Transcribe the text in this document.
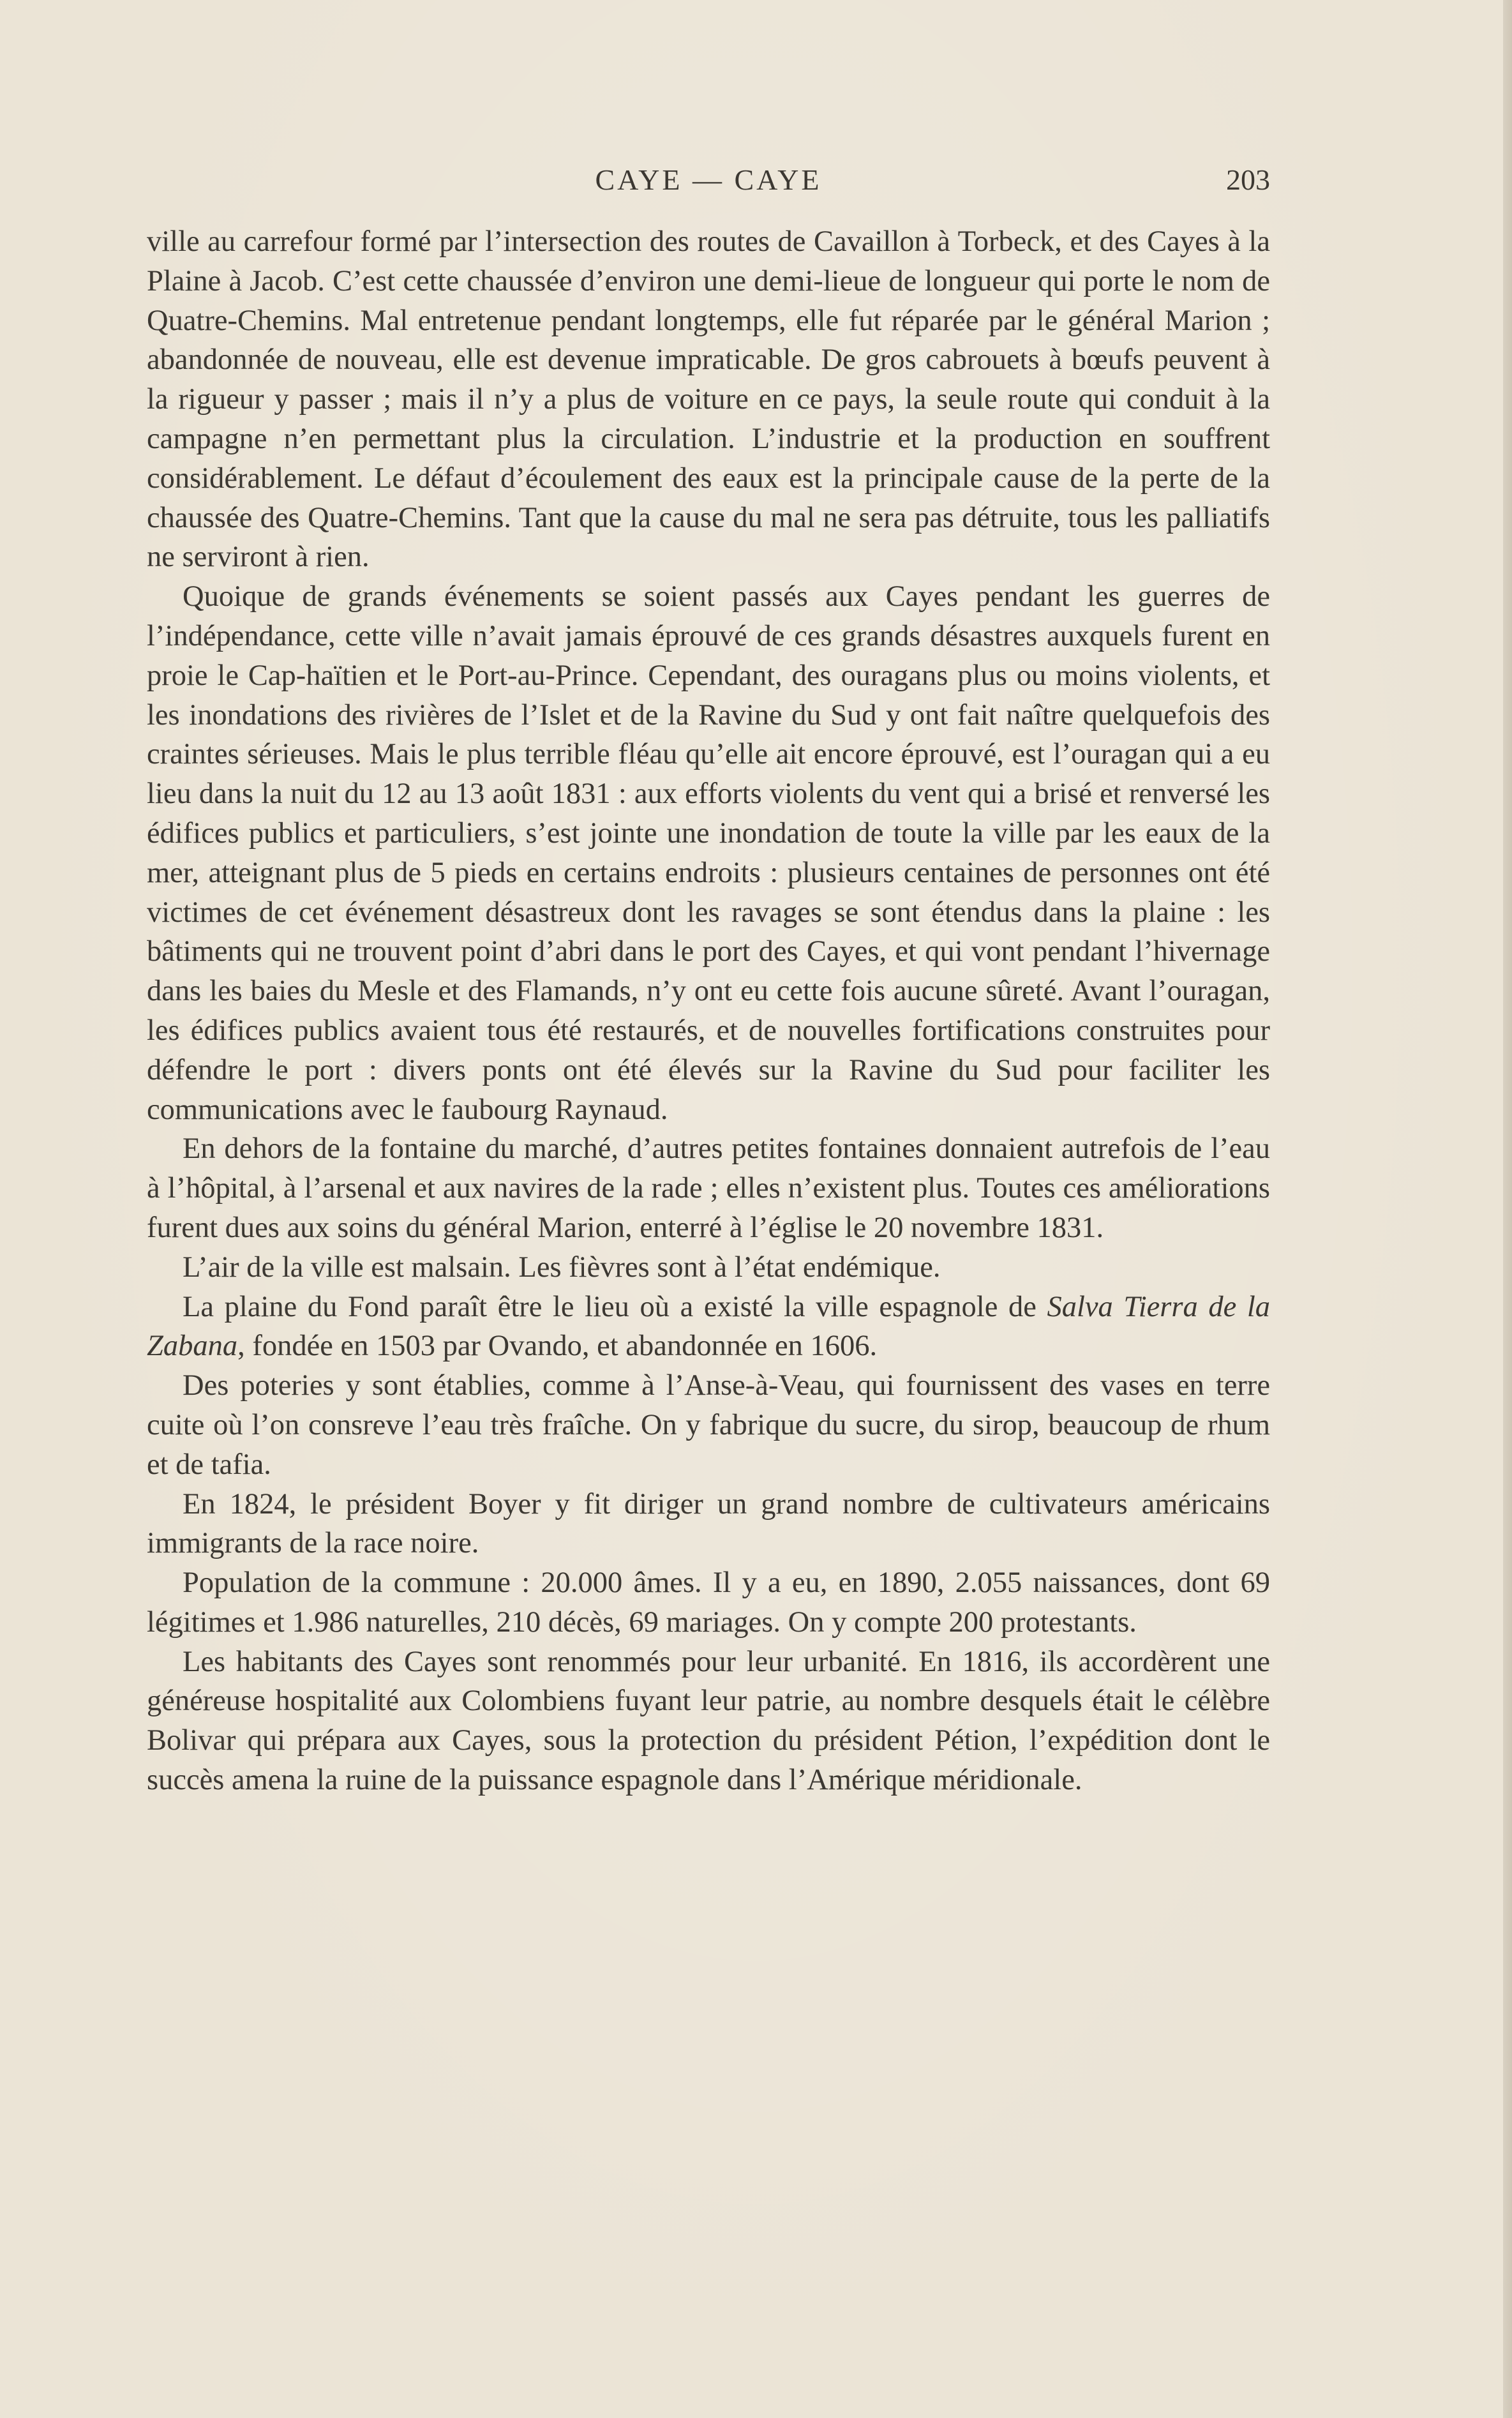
CAYE — CAYE	203

ville au carrefour formé par l’intersection des routes de Cavaillon à Torbeck, et des Cayes à la Plaine à Jacob. C’est cette chaussée d’environ une demi-lieue de longueur qui porte le nom de Quatre-Chemins. Mal entretenue pendant longtemps, elle fut réparée par le général Marion ; abandonnée de nouveau, elle est devenue impraticable. De gros cabrouets à bœufs peuvent à la rigueur y passer ; mais il n’y a plus de voiture en ce pays, la seule route qui conduit à la campagne n’en permettant plus la circulation. L’industrie et la production en souffrent considérablement. Le défaut d’écoulement des eaux est la principale cause de la perte de la chaussée des Quatre-Chemins. Tant que la cause du mal ne sera pas détruite, tous les palliatifs ne serviront à rien.

Quoique de grands événements se soient passés aux Cayes pendant les guerres de l’indépendance, cette ville n’avait jamais éprouvé de ces grands désastres auxquels furent en proie le Cap-haïtien et le Port-au-Prince. Cependant, des ouragans plus ou moins violents, et les inondations des rivières de l’Islet et de la Ravine du Sud y ont fait naître quelquefois des craintes sérieuses. Mais le plus terrible fléau qu’elle ait encore éprouvé, est l’ouragan qui a eu lieu dans la nuit du 12 au 13 août 1831 : aux efforts violents du vent qui a brisé et renversé les édifices publics et particuliers, s’est jointe une inondation de toute la ville par les eaux de la mer, atteignant plus de 5 pieds en certains endroits : plusieurs centaines de personnes ont été victimes de cet événement désastreux dont les ravages se sont étendus dans la plaine : les bâtiments qui ne trouvent point d’abri dans le port des Cayes, et qui vont pendant l’hivernage dans les baies du Mesle et des Flamands, n’y ont eu cette fois aucune sûreté. Avant l’ouragan, les édifices publics avaient tous été restaurés, et de nouvelles fortifications construites pour défendre le port : divers ponts ont été élevés sur la Ravine du Sud pour faciliter les communications avec le faubourg Raynaud.

En dehors de la fontaine du marché, d’autres petites fontaines donnaient autrefois de l’eau à l’hôpital, à l’arsenal et aux navires de la rade ; elles n’existent plus. Toutes ces améliorations furent dues aux soins du général Marion, enterré à l’église le 20 novembre 1831.

L’air de la ville est malsain. Les fièvres sont à l’état endémique.

La plaine du Fond paraît être le lieu où a existé la ville espagnole de Salva Tierra de la Zabana, fondée en 1503 par Ovando, et abandonnée en 1606.

Des poteries y sont établies, comme à l’Anse-à-Veau, qui fournissent des vases en terre cuite où l’on consreve l’eau très fraîche. On y fabrique du sucre, du sirop, beaucoup de rhum et de tafia.

En 1824, le président Boyer y fit diriger un grand nombre de cultivateurs américains immigrants de la race noire.

Population de la commune : 20.000 âmes. Il y a eu, en 1890, 2.055 naissances, dont 69 légitimes et 1.986 naturelles, 210 décès, 69 mariages. On y compte 200 protestants.

Les habitants des Cayes sont renommés pour leur urbanité. En 1816, ils accordèrent une généreuse hospitalité aux Colombiens fuyant leur patrie, au nombre desquels était le célèbre Bolivar qui prépara aux Cayes, sous la protection du président Pétion, l’expédition dont le succès amena la ruine de la puissance espagnole dans l’Amérique méridionale.
